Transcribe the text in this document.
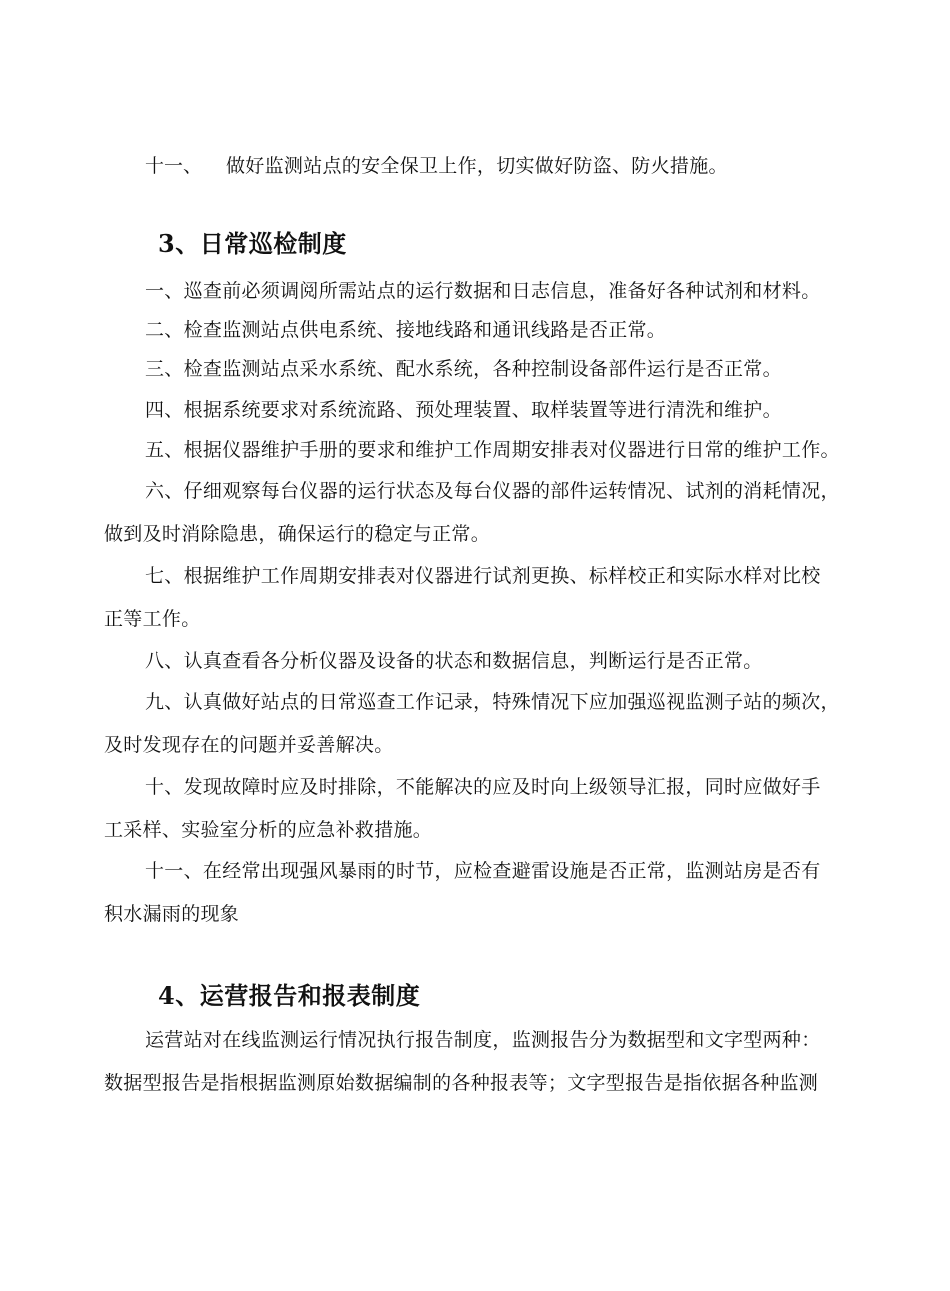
十一、 做好监测站点的安全保卫上作，切实做好防盗、防火措施。
3、日常巡检制度
一、巡查前必须调阅所需站点的运行数据和日志信息，准备好各种试剂和材料。
二、检查监测站点供电系统、接地线路和通讯线路是否正常。
三、检查监测站点采水系统、配水系统，各种控制设备部件运行是否正常。
四、根据系统要求对系统流路、预处理装置、取样装置等进行清洗和维护。
五、根据仪器维护手册的要求和维护工作周期安排表对仪器进行日常的维护工作。
六、仔细观察每台仪器的运行状态及每台仪器的部件运转情况、试剂的消耗情况，
做到及时消除隐患，确保运行的稳定与正常。
七、根据维护工作周期安排表对仪器进行试剂更换、标样校正和实际水样对比校
正等工作。
八、认真查看各分析仪器及设备的状态和数据信息，判断运行是否正常。
九、认真做好站点的日常巡查工作记录，特殊情况下应加强巡视监测子站的频次，
及时发现存在的问题并妥善解决。
十、发现故障时应及时排除，不能解决的应及时向上级领导汇报，同时应做好手
工采样、实验室分析的应急补救措施。
十一、在经常出现强风暴雨的时节，应检查避雷设施是否正常，监测站房是否有
积水漏雨的现象
4、运营报告和报表制度
运营站对在线监测运行情况执行报告制度，监测报告分为数据型和文字型两种：
数据型报告是指根据监测原始数据编制的各种报表等；文字型报告是指依据各种监测
